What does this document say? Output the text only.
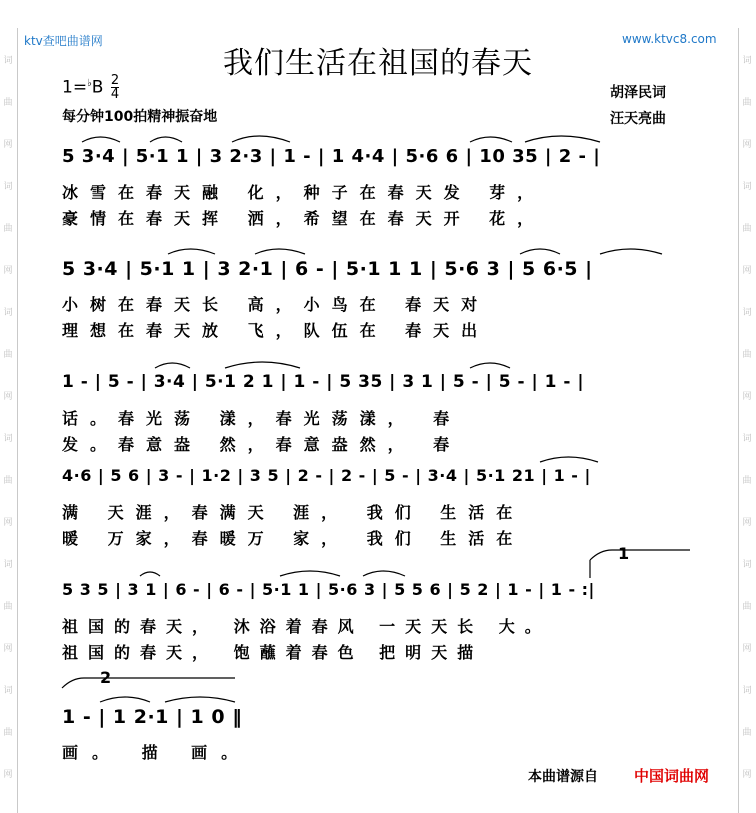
词
曲
网
词
曲
网
词
曲
网
词
曲
网
词
曲
网
词
曲
网
词
曲
网
词
曲
网
词
曲
网
词
曲
网
词
曲
网
词
曲
网
ktv查吧曲谱网	www.ktvc8.com
我们生活在祖国的春天
$1=^♭B \frac{2}{4}$
每分钟100拍精神振奋地
胡泽民词
汪天亮曲
5 3·4 | 5·1 1 | 3 2·3 | 1 - | 1 4·4 | 5·6 6 | 10 35 | 2 - |
冰雪在春天融 化，种子在春天发 芽，
豪情在春天挥 洒，希望在春天开 花，
5 3·4 | 5·1 1 | 3 2·1 | 6 - | 5·1 1 1 | 5·6 3 | 5 6·5 |
小树在春天长 高，小鸟在 春天对
理想在春天放 飞，队伍在 春天出
1 - | 5 - | 3·4 | 5·1 2 1 | 1 - | 5 35 | 3 1 | 5 - | 5 - | 1 - |
话。春光荡 漾，春光荡漾， 春
发。春意盎 然，春意盎然， 春
4·6 | 5 6 | 3 - | 1·2 | 3 5 | 2 - | 2 - | 5 - | 3·4 | 5·1 21 | 1 - |
满 天涯，春满天 涯， 我们 生活在
暖 万家，春暖万 家， 我们 生活在
1
5 3 5 | 3 1 | 6 - | 6 - | 5·1 1 | 5·6 3 | 5 5 6 | 5 2 | 1 - | 1 - :|
祖国的春天， 沐浴着春风 一天天长 大。
祖国的春天， 饱蘸着春色 把明天描
2
1 - | 1 2·1 | 1 0 ‖
画。 描 画。
本曲谱源自 中国词曲网
